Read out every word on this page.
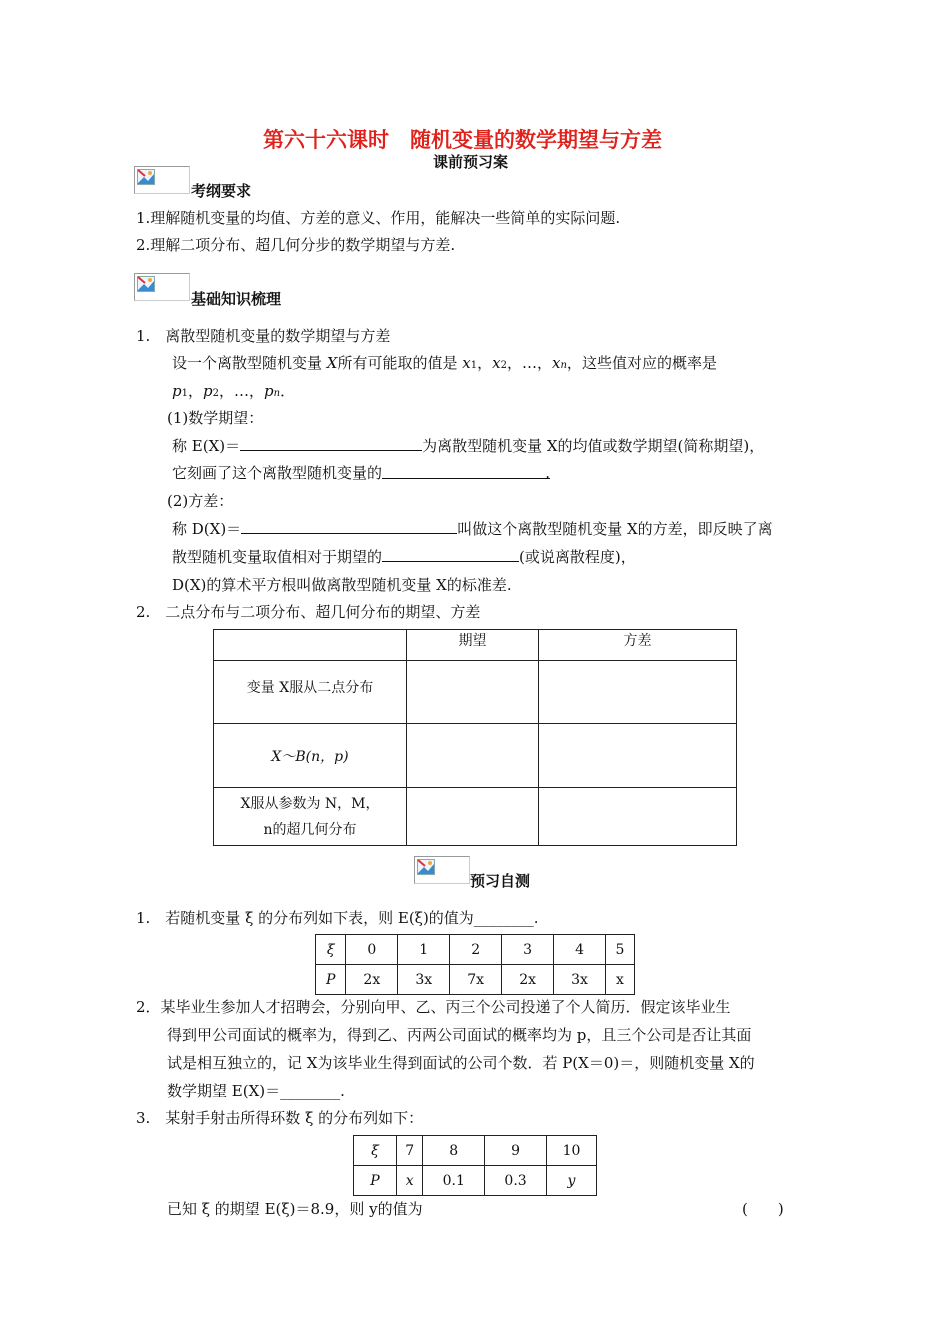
第六十六课时　随机变量的数学期望与方差
课前预习案
考纲要求
1.理解随机变量的均值、方差的意义、作用，能解决一些简单的实际问题.
2.理解二项分布、超几何分步的数学期望与方差.
基础知识梳理
1.　离散型随机变量的数学期望与方差
设一个离散型随机变量 X所有可能取的值是 x1，x2，…，xn，这些值对应的概率是
p1，p2，…，pn．
(1)数学期望：
称 E(X)＝	为离散型随机变量 X的均值或数学期望(简称期望)，
它刻画了这个离散型随机变量的	.
(2)方差：
称 D(X)＝	叫做这个离散型随机变量 X的方差，即反映了离
散型随机变量取值相对于期望的	(或说离散程度)，
D(X)的算术平方根叫做离散型随机变量 X的标准差.
2.　二点分布与二项分布、超几何分布的期望、方差
	期望	方差
变量 X服从二点分布		
X～B(n，p)		

X服从参数为 N，M，
n的超几何分布		

预习自测
1.　若随机变量 ξ 的分布列如下表，则 E(ξ)的值为________.
ξ	0	1	2	3	4	5
P	2x	3x	7x	2x	3x	x
2．某毕业生参加人才招聘会，分别向甲、乙、丙三个公司投递了个人简历．假定该毕业生
得到甲公司面试的概率为，得到乙、丙两公司面试的概率均为 p，且三个公司是否让其面
试是相互独立的，记 X为该毕业生得到面试的公司个数．若 P(X＝0)＝，则随机变量 X的
数学期望 E(X)＝________.
3.　某射手射击所得环数 ξ 的分布列如下：
ξ	7	8	9	10
P	x	0.1	0.3	y
已知 ξ 的期望 E(ξ)＝8.9，则 y的值为	(　　)
